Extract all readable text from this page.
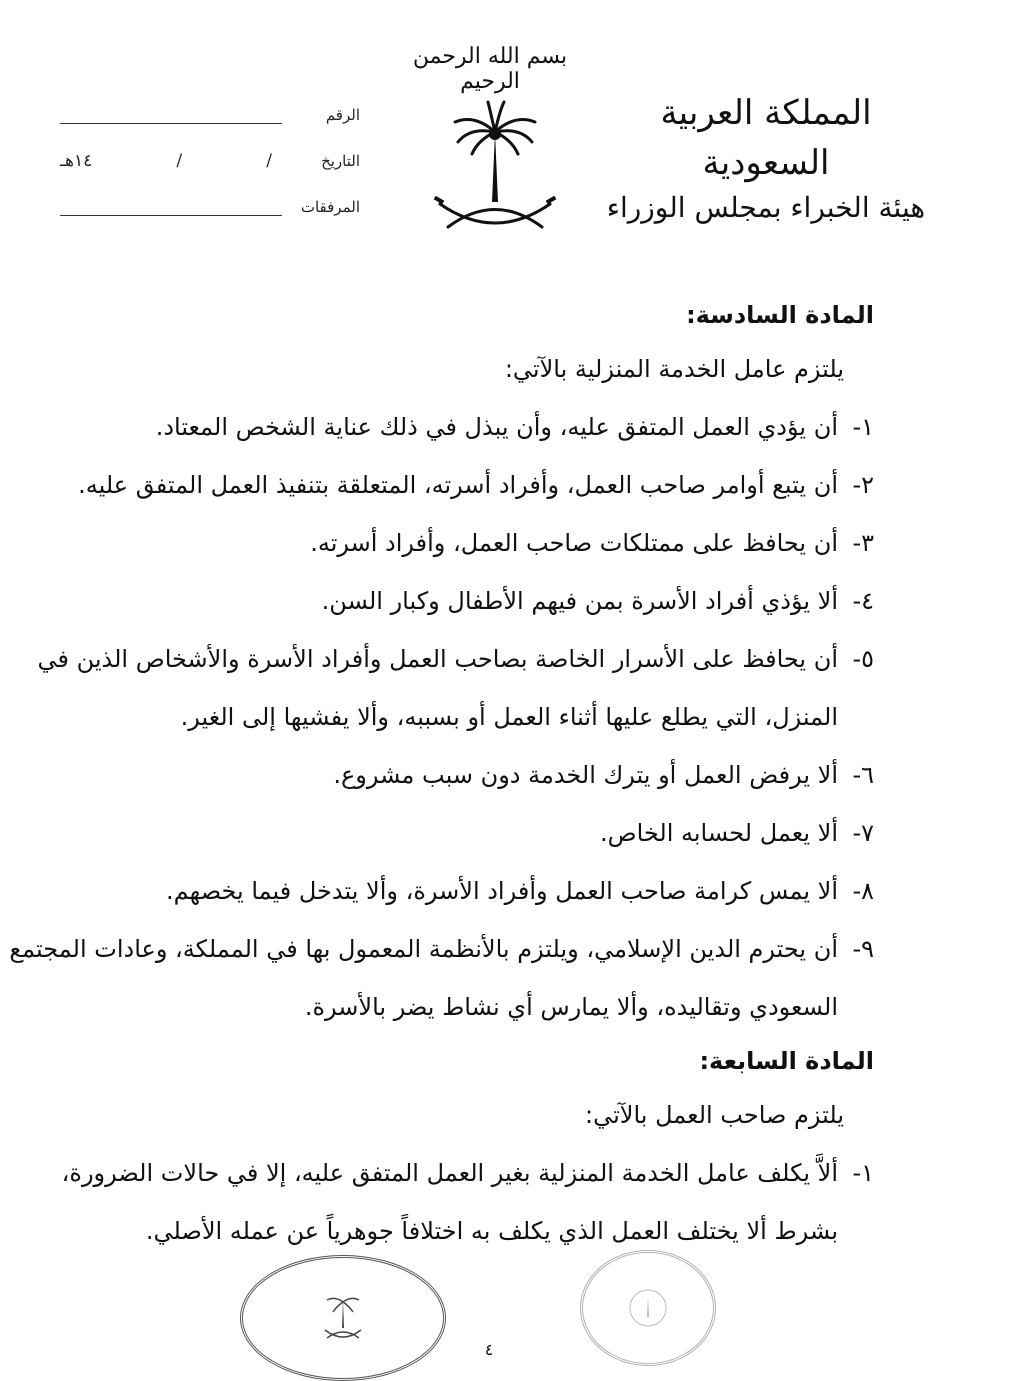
بسم الله الرحمن الرحيم
المملكة العربية السعودية
هيئة الخبراء بمجلس الوزراء
الرقم
التاريخ
/
/
١٤هـ
المرفقات
المادة السادسة:
يلتزم عامل الخدمة المنزلية بالآتي:
١-
أن يؤدي العمل المتفق عليه، وأن يبذل في ذلك عناية الشخص المعتاد.
٢-
أن يتبع أوامر صاحب العمل، وأفراد أسرته، المتعلقة بتنفيذ العمل المتفق عليه.
٣-
أن يحافظ على ممتلكات صاحب العمل، وأفراد أسرته.
٤-
ألا يؤذي أفراد الأسرة بمن فيهم الأطفال وكبار السن.
٥-
أن يحافظ على الأسرار الخاصة بصاحب العمل وأفراد الأسرة والأشخاص الذين في المنزل، التي يطلع عليها أثناء العمل أو بسببه، وألا يفشيها إلى الغير.
٦-
ألا يرفض العمل أو يترك الخدمة دون سبب مشروع.
٧-
ألا يعمل لحسابه الخاص.
٨-
ألا يمس كرامة صاحب العمل وأفراد الأسرة، وألا يتدخل فيما يخصهم.
٩-
أن يحترم الدين الإسلامي، ويلتزم بالأنظمة المعمول بها في المملكة، وعادات المجتمع السعودي وتقاليده، وألا يمارس أي نشاط يضر بالأسرة.
المادة السابعة:
يلتزم صاحب العمل بالآتي:
١-
ألاَّ يكلف عامل الخدمة المنزلية بغير العمل المتفق عليه، إلا في حالات الضرورة، بشرط ألا يختلف العمل الذي يكلف به اختلافاً جوهرياً عن عمله الأصلي.
٤
